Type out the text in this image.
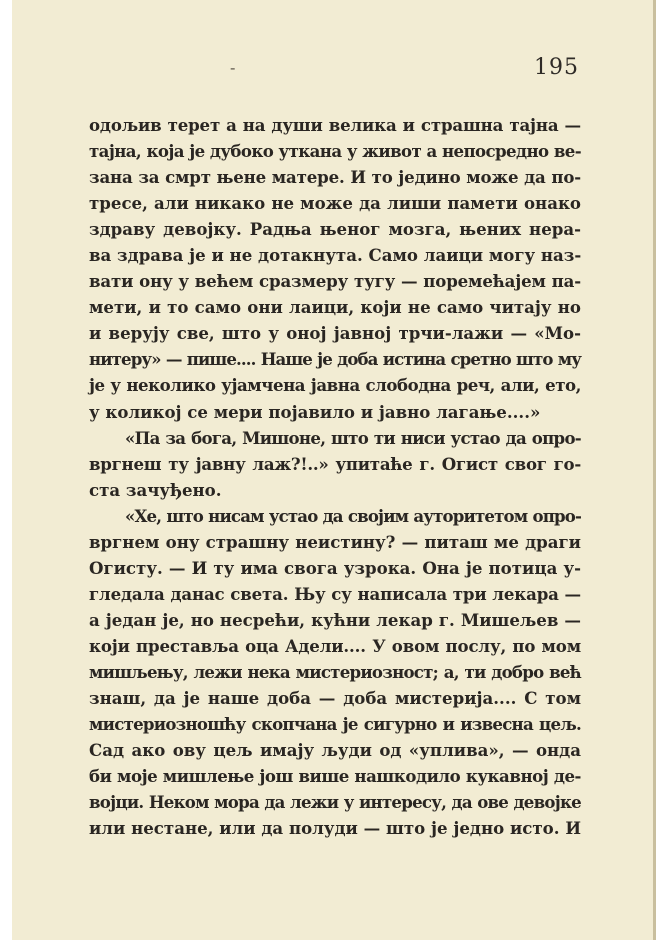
-	195
одољив терет а на души велика и страшна тајна —
тајна, која је дубоко уткана у живот а непосредно ве-
зана за смрт њене матере. И то једино може да по-
тресе, али никако не може да лиши памети онако
здраву девојку. Радња њеног мозга, њених нера-
ва здрава је и не дотакнута. Само лаици могу наз-
вати ону у већем сразмеру тугу — поремећајем па-
мети, и то само они лаици, који не само читају но
и верују све, што у оној јавној трчи-лажи — «Мо-
нитеру» — пише.... Наше је доба истина сретно што му
је у неколико ујамчена јавна слободна реч, али, ето,
у коликој се мери појавило и јавно лагање....»
«Па за бога, Мишоне, што ти ниси устао да опро-
вргнеш ту јавну лаж?!..» упитаће г. Огист свог го-
ста зачуђено.
«Хе, што нисам устао да својим ауторитетом опро-
вргнем ону страшну неистину? — питаш ме драги
Огисту. — И ту има свога узрока. Она је потица у-
гледала данас света. Њу су написала три лекара —
а један је, но несрећи, кућни лекар г. Мишељев —
који преставља оца Адели.... У овом послу, по мом
мишљењу, лежи нека мистериозност; а, ти добро већ
знаш, да је наше доба — доба мистерија.... С том
мистериозношћу скопчана је сигурно и извесна цељ.
Сад ако ову цељ имају људи од «уплива», — онда
би моје мишлење још више нашкодило кукавној де-
војци. Неком мора да лежи у интересу, да ове девојке
или нестане, или да полуди — што је једно исто. И
